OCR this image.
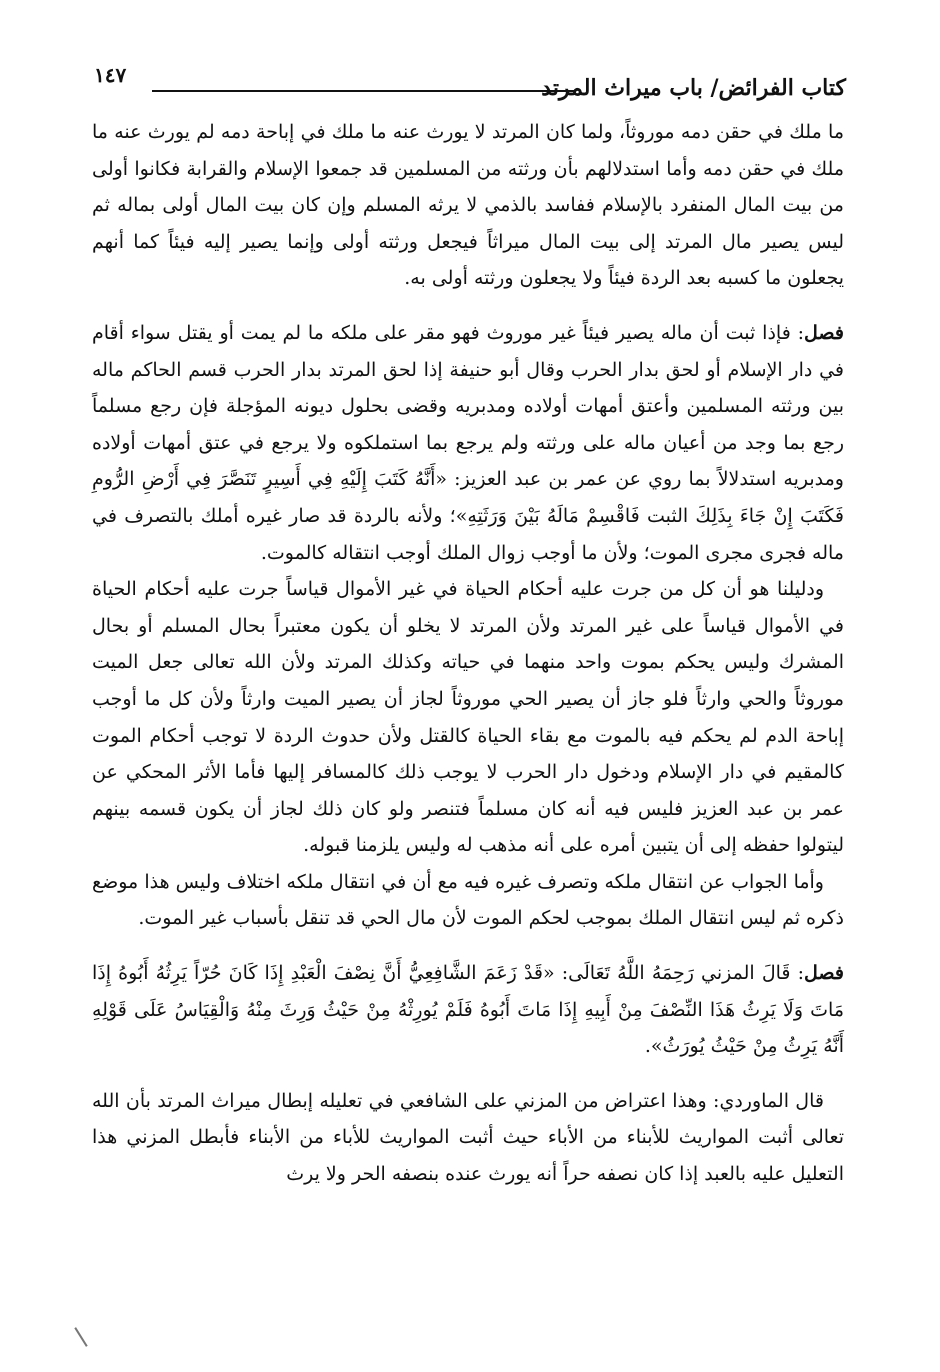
كتاب الفرائض/ باب ميراث المرتد
١٤٧

ما ملك في حقن دمه موروثاً، ولما كان المرتد لا يورث عنه ما ملك في إباحة دمه لم يورث عنه ما ملك في حقن دمه وأما استدلالهم بأن ورثته من المسلمين قد جمعوا الإسلام والقرابة فكانوا أولى من بيت المال المنفرد بالإسلام ففاسد بالذمي لا يرثه المسلم وإن كان بيت المال أولى بماله ثم ليس يصير مال المرتد إلى بيت المال ميراثاً فيجعل ورثته أولى وإنما يصير إليه فيئاً كما أنهم يجعلون ما كسبه بعد الردة فيئاً ولا يجعلون ورثته أولى به.

فصل: فإذا ثبت أن ماله يصير فيئاً غير موروث فهو مقر على ملكه ما لم يمت أو يقتل سواء أقام في دار الإسلام أو لحق بدار الحرب وقال أبو حنيفة إذا لحق المرتد بدار الحرب قسم الحاكم ماله بين ورثته المسلمين وأعتق أمهات أولاده ومدبريه وقضى بحلول ديونه المؤجلة فإن رجع مسلماً رجع بما وجد من أعيان ماله على ورثته ولم يرجع بما استملكوه ولا يرجع في عتق أمهات أولاده ومدبريه استدلالاً بما روي عن عمر بن عبد العزيز: «أَنَّهُ كَتَبَ إِلَيْهِ فِي أَسِيرٍ تَنَصَّرَ فِي أَرْضِ الرُّومِ فَكَتَبَ إِنْ جَاءَ بِذَلِكَ الثبت فَاقْسِمْ مَالَهُ بَيْنَ وَرَثَتِهِ»؛ ولأنه بالردة قد صار غيره أملك بالتصرف في ماله فجرى مجرى الموت؛ ولأن ما أوجب زوال الملك أوجب انتقاله كالموت.

ودليلنا هو أن كل من جرت عليه أحكام الحياة في غير الأموال قياساً جرت عليه أحكام الحياة في الأموال قياساً على غير المرتد ولأن المرتد لا يخلو أن يكون معتبراً بحال المسلم أو بحال المشرك وليس يحكم بموت واحد منهما في حياته وكذلك المرتد ولأن الله تعالى جعل الميت موروثاً والحي وارثاً فلو جاز أن يصير الحي موروثاً لجاز أن يصير الميت وارثاً ولأن كل ما أوجب إباحة الدم لم يحكم فيه بالموت مع بقاء الحياة كالقتل ولأن حدوث الردة لا توجب أحكام الموت كالمقيم في دار الإسلام ودخول دار الحرب لا يوجب ذلك كالمسافر إليها فأما الأثر المحكي عن عمر بن عبد العزيز فليس فيه أنه كان مسلماً فتنصر ولو كان ذلك لجاز أن يكون قسمه بينهم ليتولوا حفظه إلى أن يتبين أمره على أنه مذهب له وليس يلزمنا قبوله.

وأما الجواب عن انتقال ملكه وتصرف غيره فيه مع أن في انتقال ملكه اختلاف وليس هذا موضع ذكره ثم ليس انتقال الملك بموجب لحكم الموت لأن مال الحي قد تنقل بأسباب غير الموت.

فصل: قَالَ المزني رَحِمَهُ اللَّهُ تَعَالَى: «قَدْ زَعَمَ الشَّافِعِيُّ أَنَّ نِصْفَ الْعَبْدِ إِذَا كَانَ حُرّاً يَرِثُهُ أَبُوهُ إِذَا مَاتَ وَلَا يَرِثُ هَذَا النِّصْفَ مِنْ أَبِيهِ إِذَا مَاتَ أَبُوهُ فَلَمْ يُورِثْهُ مِنْ حَيْثُ وَرِثَ مِنْهُ وَالْقِيَاسُ عَلَى قَوْلِهِ أَنَّهُ يَرِثُ مِنْ حَيْثُ يُورَثُ».

قال الماوردي: وهذا اعتراض من المزني على الشافعي في تعليله إبطال ميراث المرتد بأن الله تعالى أثبت المواريث للأبناء من الأباء حيث أثبت المواريث للأباء من الأبناء فأبطل المزني هذا التعليل عليه بالعبد إذا كان نصفه حراً أنه يورث عنده بنصفه الحر ولا يرث
